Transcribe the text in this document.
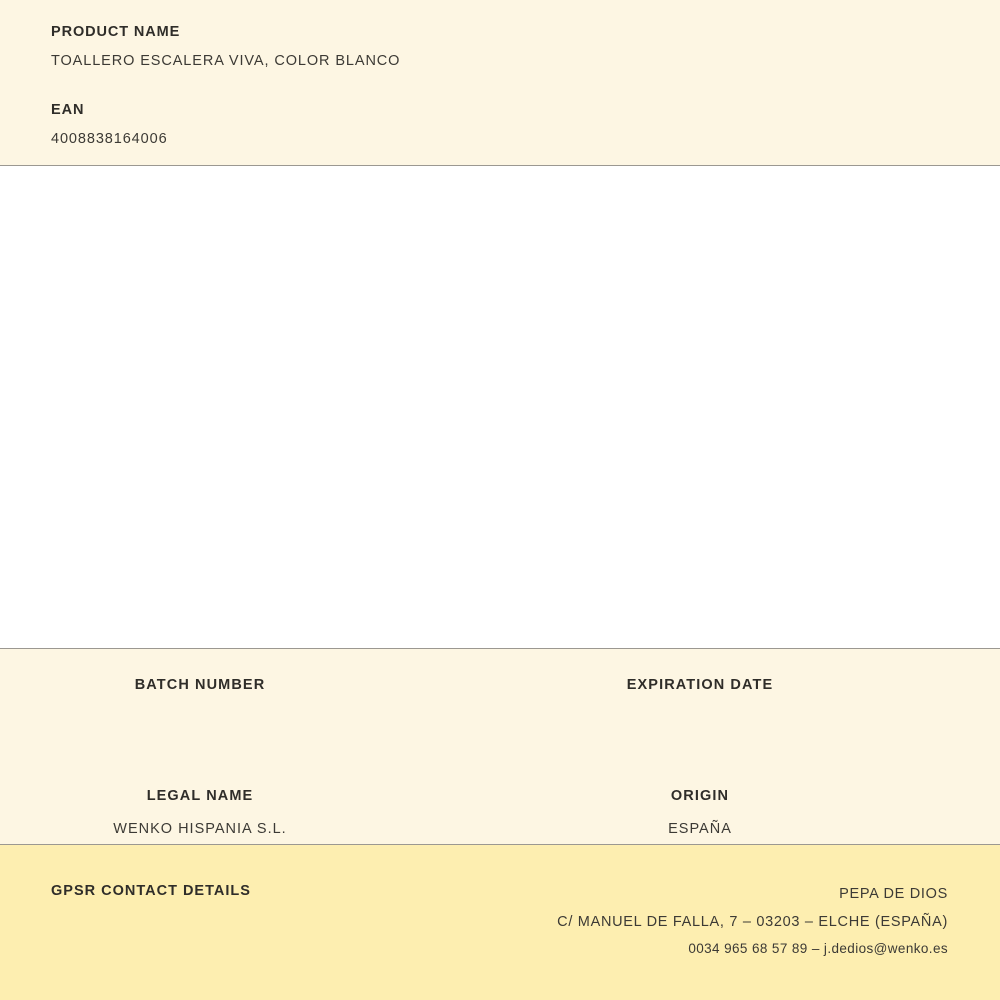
PRODUCT NAME
TOALLERO ESCALERA VIVA, COLOR BLANCO
EAN
4008838164006
BATCH NUMBER	EXPIRATION DATE
LEGAL NAME
WENKO HISPANIA S.L.
ORIGIN
ESPAÑA
GPSR CONTACT DETAILS	PEPA DE DIOS
C/ MANUEL DE FALLA, 7 – 03203 – ELCHE (ESPAÑA)
0034 965 68 57 89 – j.dedios@wenko.es
